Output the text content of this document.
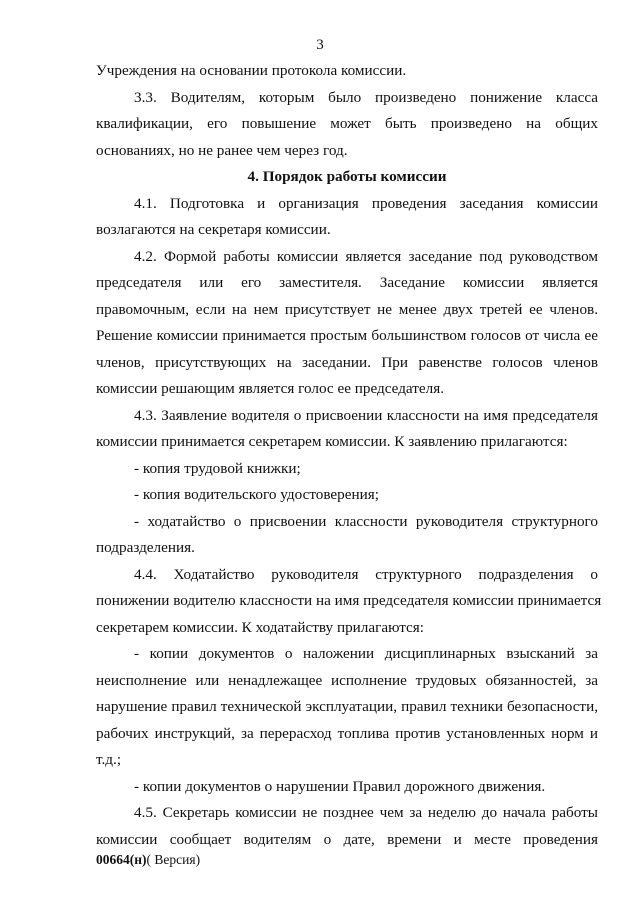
3
Учреждения на основании протокола комиссии.
3.3. Водителям, которым было произведено понижение класса
квалификации, его повышение может быть произведено на общих
основаниях, но не ранее чем через год.
4. Порядок работы комиссии
4.1. Подготовка и организация проведения заседания комиссии
возлагаются на секретаря комиссии.
4.2. Формой работы комиссии является заседание под руководством
председателя или его заместителя. Заседание комиссии является
правомочным, если на нем присутствует не менее двух третей ее членов.
Решение комиссии принимается простым большинством голосов от числа ее
членов, присутствующих на заседании. При равенстве голосов членов
комиссии решающим является голос ее председателя.
4.3. Заявление водителя о присвоении классности на имя председателя
комиссии принимается секретарем комиссии. К заявлению прилагаются:
- копия трудовой книжки;
- копия водительского удостоверения;
- ходатайство о присвоении классности руководителя структурного
подразделения.
4.4. Ходатайство руководителя структурного подразделения о
понижении водителю классности на имя председателя комиссии принимается
секретарем комиссии. К ходатайству прилагаются:
- копии документов о наложении дисциплинарных взысканий за
неисполнение или ненадлежащее исполнение трудовых обязанностей, за
нарушение правил технической эксплуатации, правил техники безопасности,
рабочих инструкций, за перерасход топлива против установленных норм и
т.д.;
- копии документов о нарушении Правил дорожного движения.
4.5. Секретарь комиссии не позднее чем за неделю до начала работы
комиссии сообщает водителям о дате, времени и месте проведения
00664(н)( Версия)
